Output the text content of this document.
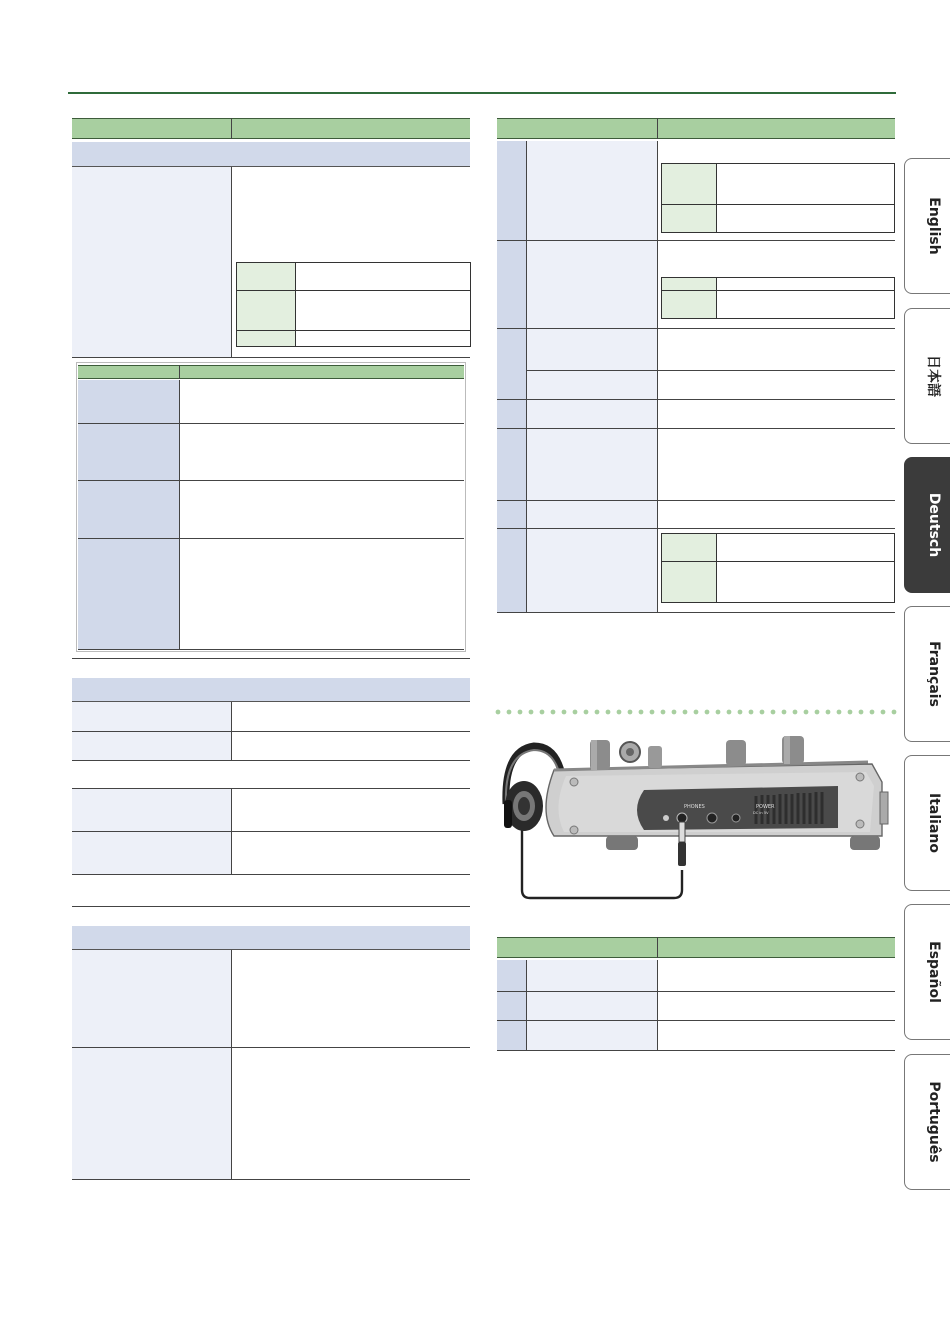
PHONES	POWER
DC in 5V
English
日本語
Deutsch
Français
Italiano
Español
Português
